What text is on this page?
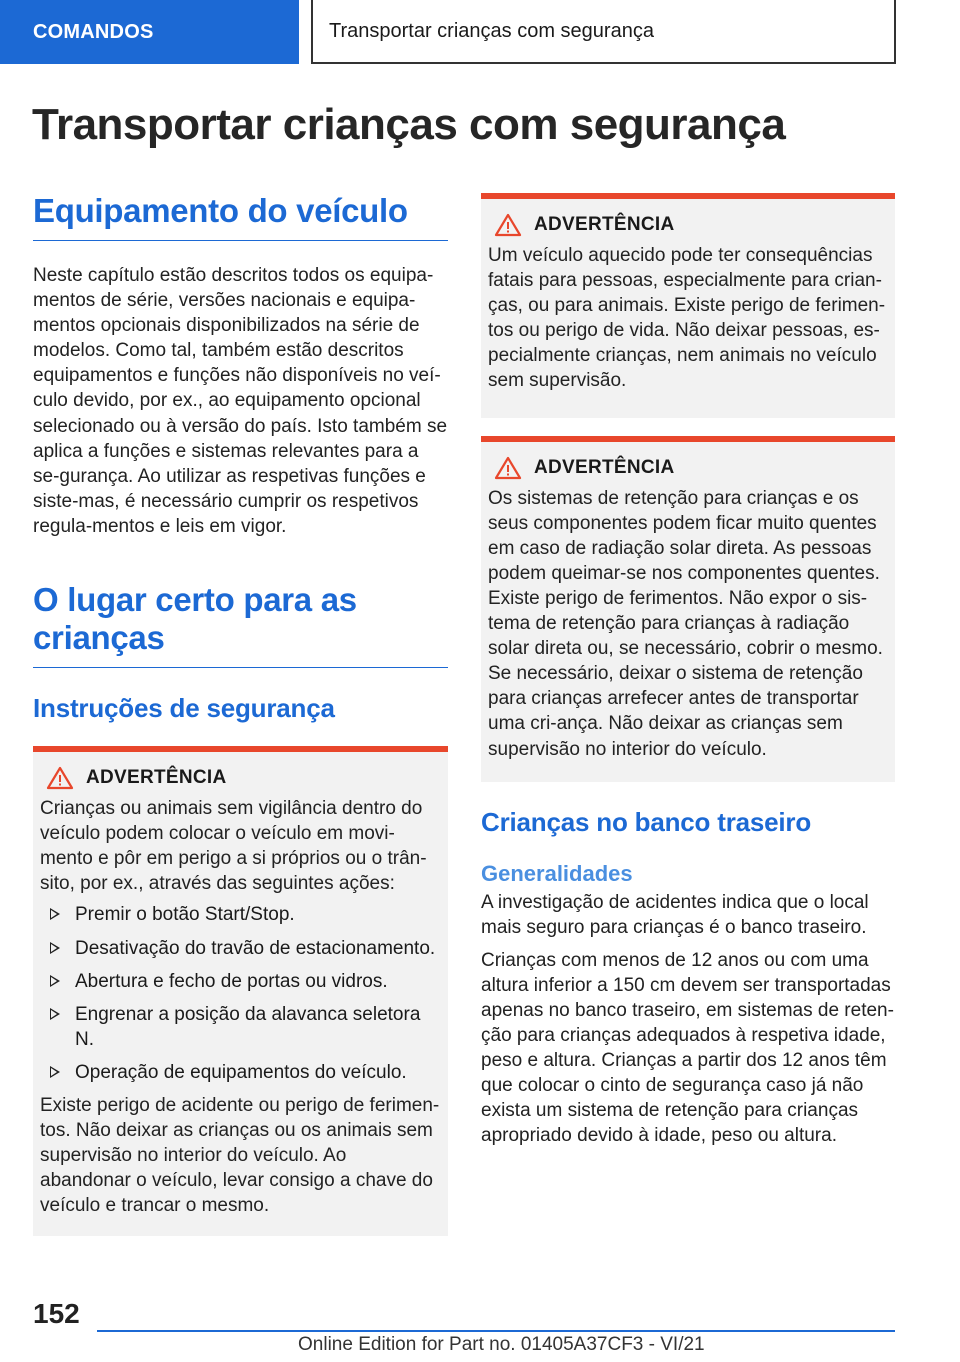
COMANDOS	Transportar crianças com segurança
Transportar crianças com segurança
Equipamento do veículo

Neste capítulo estão descritos todos os equipa-mentos de série, versões nacionais e equipa-mentos opcionais disponibilizados na série de modelos. Como tal, também estão descritos equipamentos e funções não disponíveis no veí-culo devido, por ex., ao equipamento opcional selecionado ou à versão do país. Isto também se aplica a funções e sistemas relevantes para a se-gurança. Ao utilizar as respetivas funções e siste-mas, é necessário cumprir os respetivos regula-mentos e leis em vigor.

O lugar certo para as crianças
Instruções de segurança
ADVERTÊNCIA

Crianças ou animais sem vigilância dentro do veículo podem colocar o veículo em movi-mento e pôr em perigo a si próprios ou o trân-sito, por ex., através das seguintes ações:

Premir o botão Start/Stop.
Desativação do travão de estacionamento.
Abertura e fecho de portas ou vidros.
Engrenar a posição da alavanca seletora N.
Operação de equipamentos do veículo.

Existe perigo de acidente ou perigo de ferimen-tos. Não deixar as crianças ou os animais sem supervisão no interior do veículo. Ao abandonar o veículo, levar consigo a chave do veículo e trancar o mesmo.

ADVERTÊNCIA

Um veículo aquecido pode ter consequências fatais para pessoas, especialmente para crian-ças, ou para animais. Existe perigo de ferimen-tos ou perigo de vida. Não deixar pessoas, es-pecialmente crianças, nem animais no veículo sem supervisão.

ADVERTÊNCIA

Os sistemas de retenção para crianças e os seus componentes podem ficar muito quentes em caso de radiação solar direta. As pessoas podem queimar-se nos componentes quentes. Existe perigo de ferimentos. Não expor o sis-tema de retenção para crianças à radiação solar direta ou, se necessário, cobrir o mesmo. Se necessário, deixar o sistema de retenção para crianças arrefecer antes de transportar uma cri-ança. Não deixar as crianças sem supervisão no interior do veículo.

Crianças no banco traseiro
Generalidades

A investigação de acidentes indica que o local mais seguro para crianças é o banco traseiro.

Crianças com menos de 12 anos ou com uma altura inferior a 150 cm devem ser transportadas apenas no banco traseiro, em sistemas de reten-ção para crianças adequados à respetiva idade, peso e altura. Crianças a partir dos 12 anos têm que colocar o cinto de segurança caso já não exista um sistema de retenção para crianças apropriado devido à idade, peso ou altura.

152
Online Edition for Part no. 01405A37CF3 - VI/21
